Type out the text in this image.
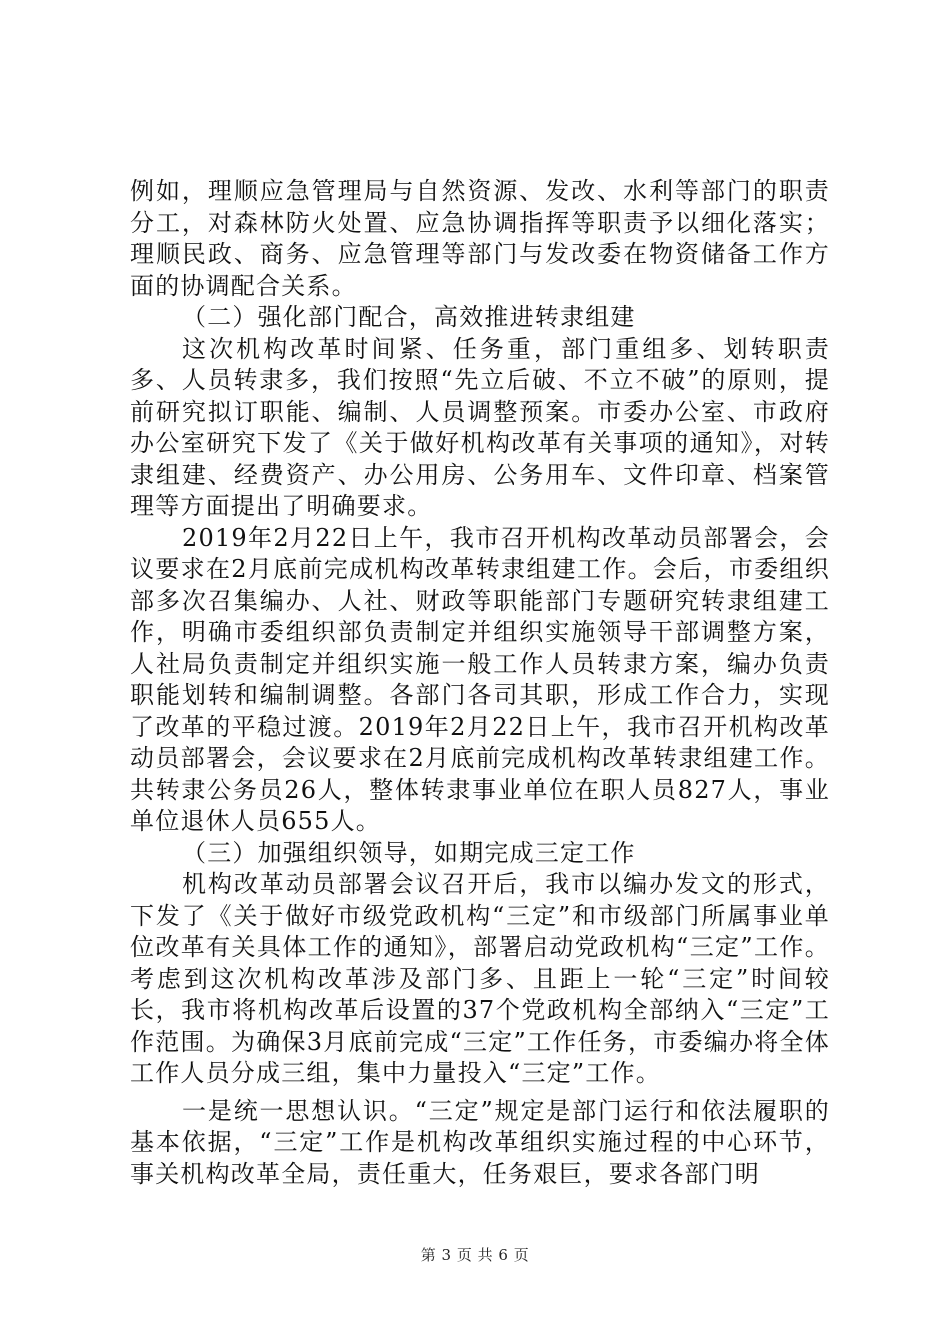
例如，理顺应急管理局与自然资源、发改、水利等部门的职责分工，对森林防火处置、应急协调指挥等职责予以细化落实；理顺民政、商务、应急管理等部门与发改委在物资储备工作方面的协调配合关系。

（二）强化部门配合，高效推进转隶组建

这次机构改革时间紧、任务重，部门重组多、划转职责多、人员转隶多，我们按照“先立后破、不立不破”的原则，提前研究拟订职能、编制、人员调整预案。市委办公室、市政府办公室研究下发了《关于做好机构改革有关事项的通知》，对转隶组建、经费资产、办公用房、公务用车、文件印章、档案管理等方面提出了明确要求。

2019年2月22日上午，我市召开机构改革动员部署会，会议要求在2月底前完成机构改革转隶组建工作。会后，市委组织部多次召集编办、人社、财政等职能部门专题研究转隶组建工作，明确市委组织部负责制定并组织实施领导干部调整方案，人社局负责制定并组织实施一般工作人员转隶方案，编办负责职能划转和编制调整。各部门各司其职，形成工作合力，实现了改革的平稳过渡。2019年2月22日上午，我市召开机构改革动员部署会，会议要求在2月底前完成机构改革转隶组建工作。共转隶公务员26人，整体转隶事业单位在职人员827人，事业单位退休人员655人。

（三）加强组织领导，如期完成三定工作

机构改革动员部署会议召开后，我市以编办发文的形式，下发了《关于做好市级党政机构“三定”和市级部门所属事业单位改革有关具体工作的通知》，部署启动党政机构“三定”工作。考虑到这次机构改革涉及部门多、且距上一轮“三定”时间较长，我市将机构改革后设置的37个党政机构全部纳入“三定”工作范围。为确保3月底前完成“三定”工作任务，市委编办将全体工作人员分成三组，集中力量投入“三定”工作。

一是统一思想认识。“三定”规定是部门运行和依法履职的基本依据，“三定”工作是机构改革组织实施过程的中心环节，事关机构改革全局，责任重大，任务艰巨，要求各部门明

第 3 页 共 6 页
